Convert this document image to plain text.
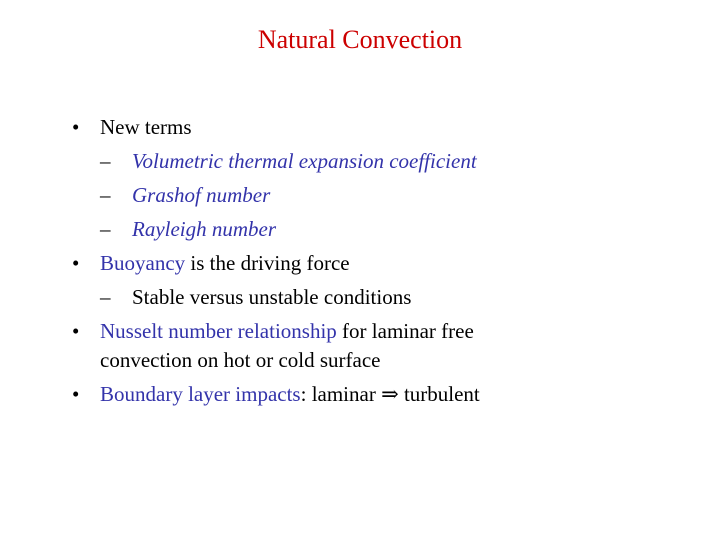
Natural Convection
• New terms
– Volumetric thermal expansion coefficient
– Grashof number
– Rayleigh number
• Buoyancy is the driving force
– Stable versus unstable conditions
• Nusselt number relationship for laminar free
convection on hot or cold surface
• Boundary layer impacts: laminar ⇒ turbulent
